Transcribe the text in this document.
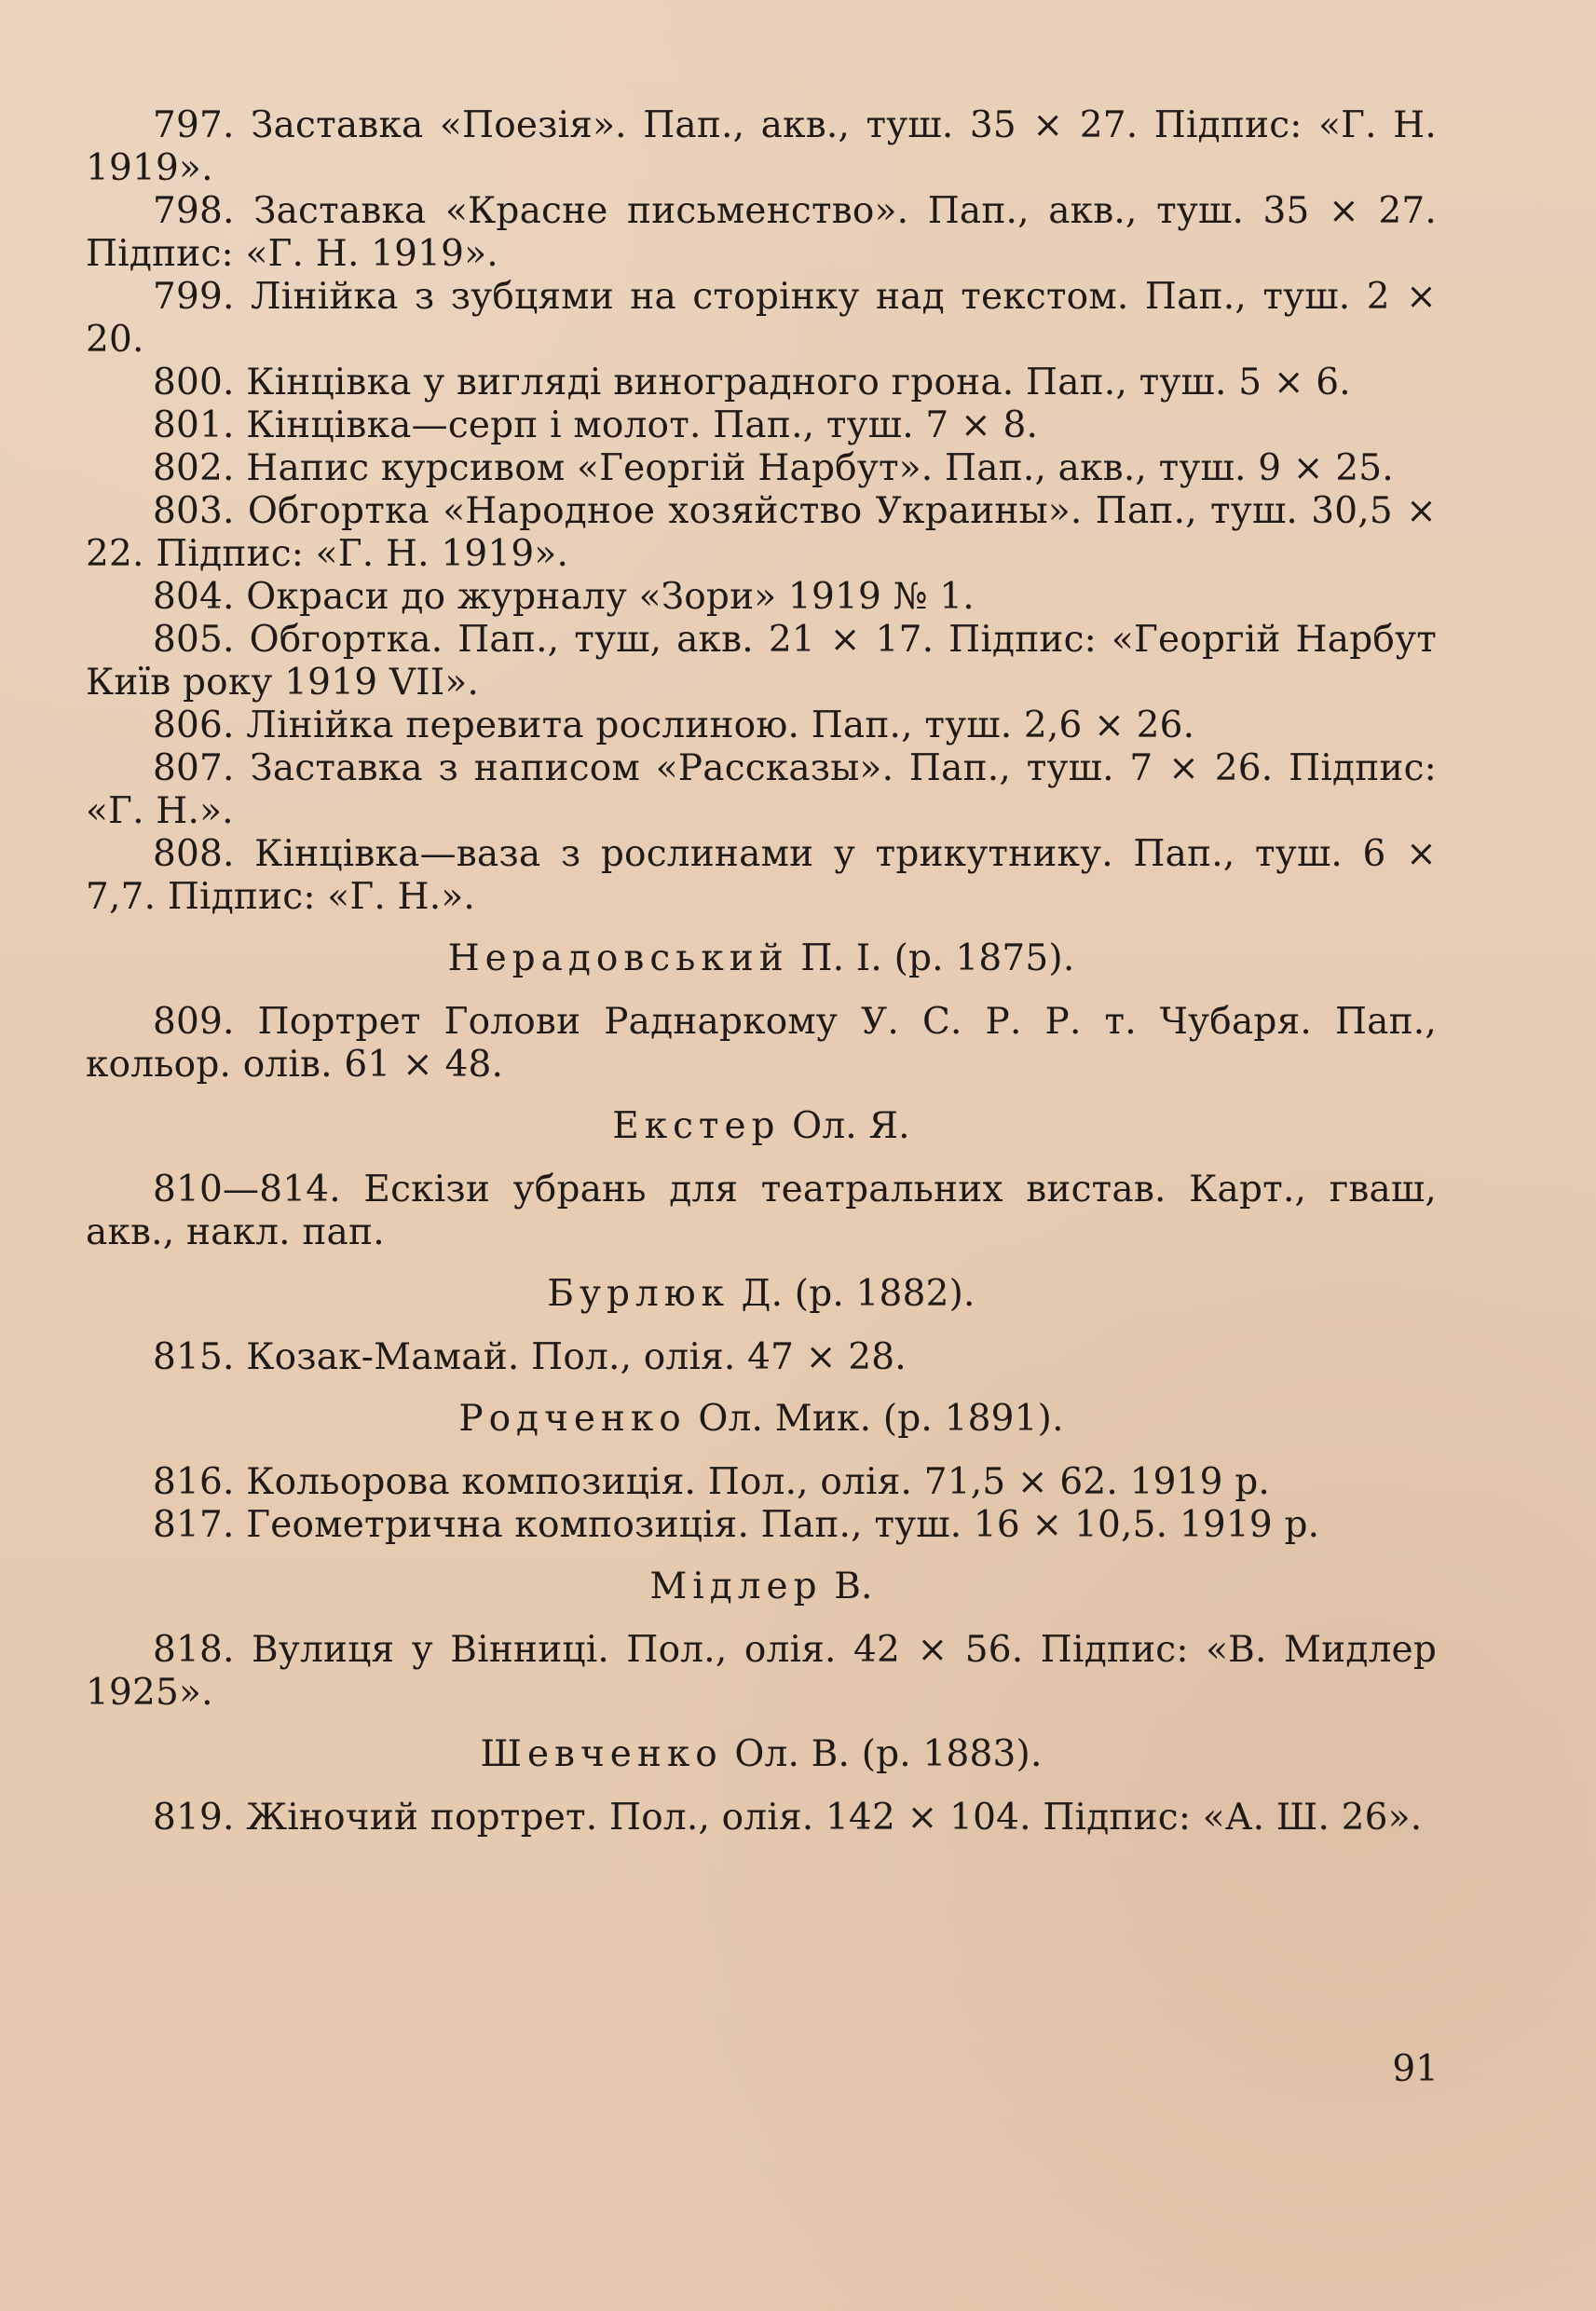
797. Заставка «Поезія». Пап., акв., туш. 35 × 27. Підпис: «Г. Н. 1919».

798. Заставка «Красне письменство». Пап., акв., туш. 35 × 27. Підпис: «Г. Н. 1919».

799. Лінійка з зубцями на сторінку над текстом. Пап., туш. 2 × 20.

800. Кінцівка у вигляді виноградного грона. Пап., туш. 5 × 6.

801. Кінцівка—серп і молот. Пап., туш. 7 × 8.

802. Напис курсивом «Георгій Нарбут». Пап., акв., туш. 9 × 25.

803. Обгортка «Народное хозяйство Украины». Пап., туш. 30,5 × 22. Підпис: «Г. Н. 1919».

804. Окраси до журналу «Зори» 1919 № 1.

805. Обгортка. Пап., туш, акв. 21 × 17. Підпис: «Георгій Нарбут Київ року 1919 VII».

806. Лінійка перевита рослиною. Пап., туш. 2,6 × 26.

807. Заставка з написом «Рассказы». Пап., туш. 7 × 26. Підпис: «Г. Н.».

808. Кінцівка—ваза з рослинами у трикутнику. Пап., туш. 6 × 7,7. Підпис: «Г. Н.».

Нерадовський П. І. (р. 1875).

809. Портрет Голови Раднаркому У. С. Р. Р. т. Чубаря. Пап., кольор. олів. 61 × 48.

Екстер Ол. Я.

810—814. Ескізи убрань для театральних вистав. Карт., гваш, акв., накл. пап.

Бурлюк Д. (р. 1882).

815. Козак-Мамай. Пол., олія. 47 × 28.

Родченко Ол. Мик. (р. 1891).

816. Кольорова композиція. Пол., олія. 71,5 × 62. 1919 р.

817. Геометрична композиція. Пап., туш. 16 × 10,5. 1919 р.

Мідлер В.

818. Вулиця у Вінниці. Пол., олія. 42 × 56. Підпис: «В. Мидлер 1925».

Шевченко Ол. В. (р. 1883).

819. Жіночий портрет. Пол., олія. 142 × 104. Підпис: «А. Ш. 26».

91
